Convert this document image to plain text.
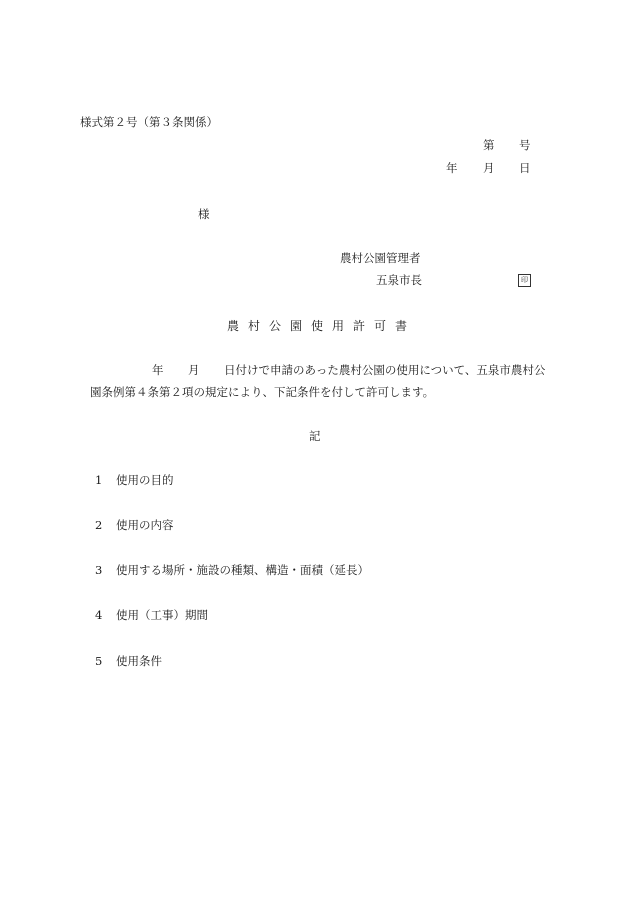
様式第２号（第３条関係）
第 号
年 月 日
様
農村公園管理者
五泉市長	印
農村公園使用許可書
年 月 日付けで申請のあった農村公園の使用について、五泉市農村公
園条例第４条第２項の規定により、下記条件を付して許可します。
記
1 使用の目的
2 使用の内容
3 使用する場所・施設の種類、構造・面積（延長）
4 使用（工事）期間
5 使用条件
